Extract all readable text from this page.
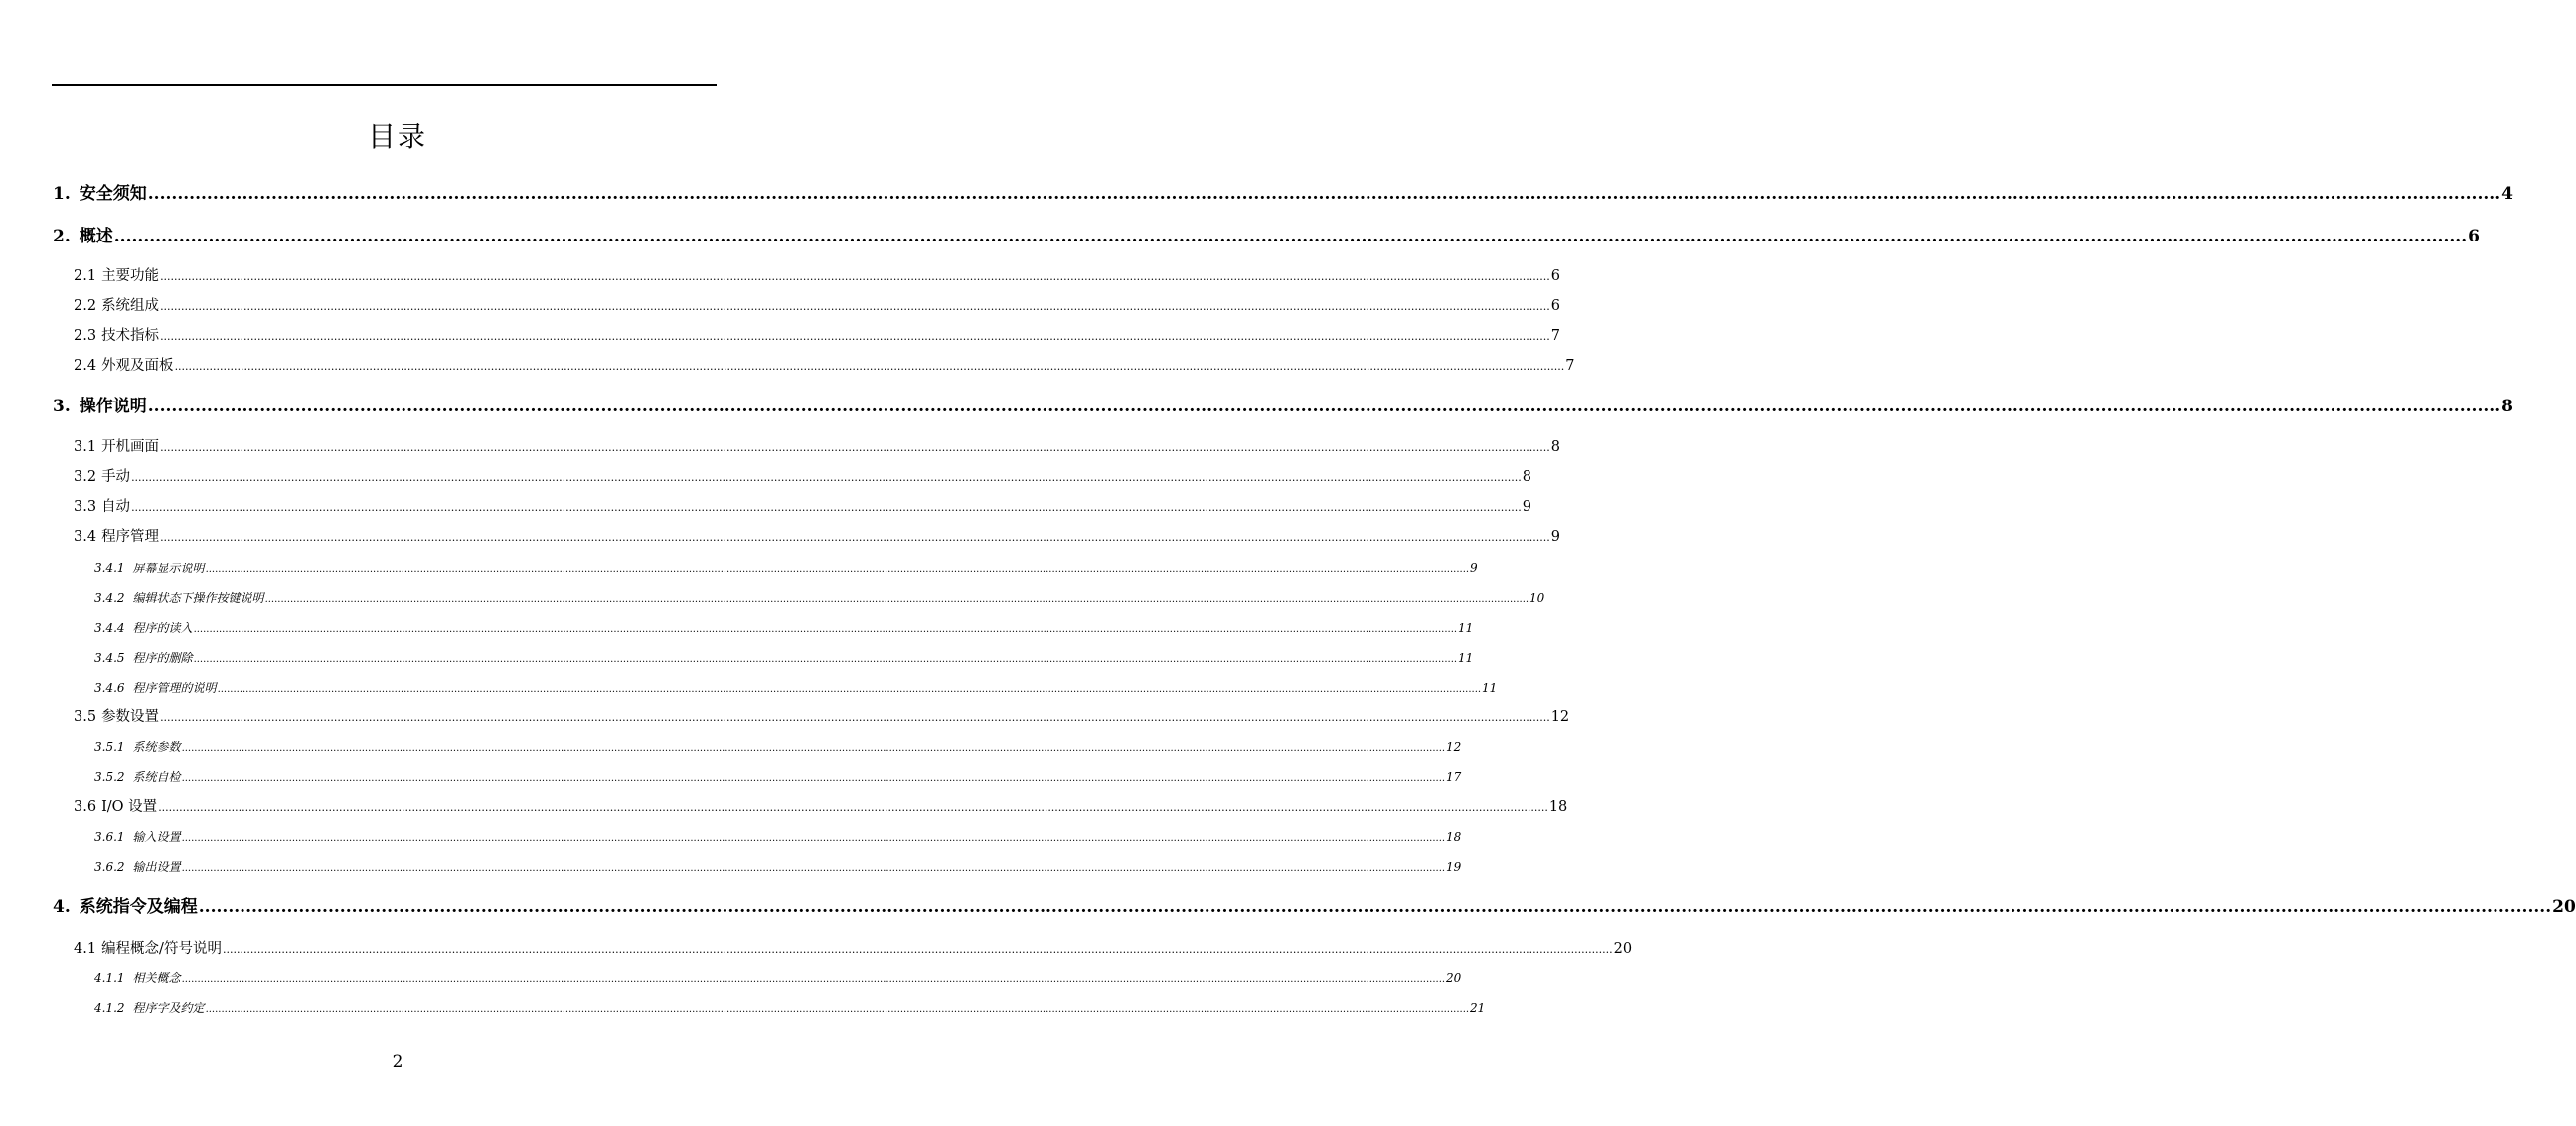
目录
1. 安全须知 ................................................................................................................................................................................................................................................................................................................................................................................................................ 4
2. 概述 ................................................................................................................................................................................................................................................................................................................................................................................................................ 6
2.1 主要功能 ................................................................................................................................................................................................................................................................................................................................................................................................................ 6
2.2 系统组成 ................................................................................................................................................................................................................................................................................................................................................................................................................ 6
2.3 技术指标 ................................................................................................................................................................................................................................................................................................................................................................................................................ 7
2.4 外观及面板 ................................................................................................................................................................................................................................................................................................................................................................................................................ 7
3. 操作说明 ................................................................................................................................................................................................................................................................................................................................................................................................................ 8
3.1 开机画面 ................................................................................................................................................................................................................................................................................................................................................................................................................ 8
3.2 手动 ................................................................................................................................................................................................................................................................................................................................................................................................................ 8
3.3 自动 ................................................................................................................................................................................................................................................................................................................................................................................................................ 9
3.4 程序管理 ................................................................................................................................................................................................................................................................................................................................................................................................................ 9
3.4.1 屏幕显示说明 ................................................................................................................................................................................................................................................................................................................................................................................................................ 9
3.4.2 编辑状态下操作按键说明 ................................................................................................................................................................................................................................................................................................................................................................................................................ 10
3.4.4 程序的读入 ................................................................................................................................................................................................................................................................................................................................................................................................................ 11
3.4.5 程序的删除 ................................................................................................................................................................................................................................................................................................................................................................................................................ 11
3.4.6 程序管理的说明 ................................................................................................................................................................................................................................................................................................................................................................................................................ 11
3.5 参数设置 ................................................................................................................................................................................................................................................................................................................................................................................................................ 12
3.5.1 系统参数 ................................................................................................................................................................................................................................................................................................................................................................................................................ 12
3.5.2 系统自检 ................................................................................................................................................................................................................................................................................................................................................................................................................ 17
3.6 I/O 设置 ................................................................................................................................................................................................................................................................................................................................................................................................................ 18
3.6.1 输入设置 ................................................................................................................................................................................................................................................................................................................................................................................................................ 18
3.6.2 输出设置 ................................................................................................................................................................................................................................................................................................................................................................................................................ 19
4. 系统指令及编程 ................................................................................................................................................................................................................................................................................................................................................................................................................ 20
4.1 编程概念/符号说明 ................................................................................................................................................................................................................................................................................................................................................................................................................ 20
4.1.1 相关概念 ................................................................................................................................................................................................................................................................................................................................................................................................................ 20
4.1.2 程序字及约定 ................................................................................................................................................................................................................................................................................................................................................................................................................ 21
2
